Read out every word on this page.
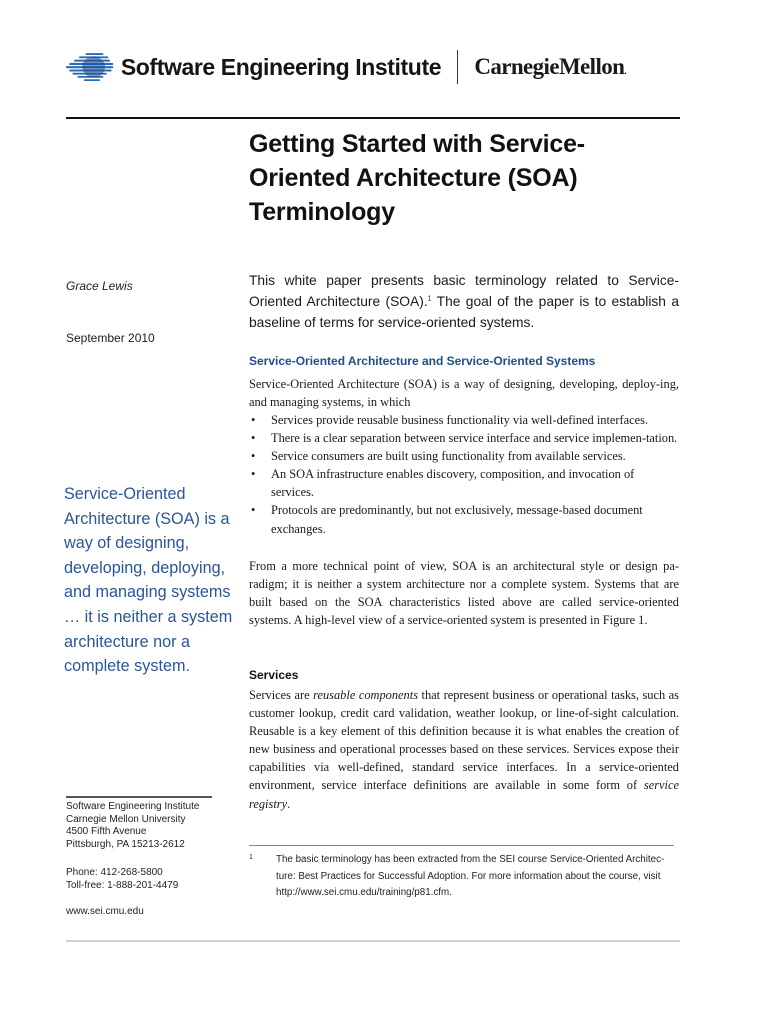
Software Engineering Institute CarnegieMellon.
Getting Started with Service-
Oriented Architecture (SOA)
Terminology
Grace Lewis
September 2010
Service-Oriented Architecture (SOA) is a way of designing, developing, deploying, and managing systems … it is neither a system architecture nor a complete system.
Software Engineering Institute
Carnegie Mellon University
4500 Fifth Avenue
Pittsburgh, PA 15213-2612
Phone: 412-268-5800
Toll-free: 1-888-201-4479
www.sei.cmu.edu

This white paper presents basic terminology related to Service-Oriented Architecture (SOA).$^1$ The goal of the paper is to establish a baseline of terms for service-oriented systems.

Service-Oriented Architecture and Service-Oriented Systems

Service-Oriented Architecture (SOA) is a way of designing, developing, deploy-ing, and managing systems, in which

• Services provide reusable business functionality via well-defined interfaces.
• There is a clear separation between service interface and service implemen-tation.
• Service consumers are built using functionality from available services.
• An SOA infrastructure enables discovery, composition, and invocation of services.
• Protocols are predominantly, but not exclusively, message-based document exchanges.

From a more technical point of view, SOA is an architectural style or design pa-radigm; it is neither a system architecture nor a complete system. Systems that are built based on the SOA characteristics listed above are called service-oriented systems. A high-level view of a service-oriented system is presented in Figure 1.

Services

Services are reusable components that represent business or operational tasks, such as customer lookup, credit card validation, weather lookup, or line-of-sight calculation. Reusable is a key element of this definition because it is what enables the creation of new business and operational processes based on these services. Services expose their capabilities via well-defined, standard service interfaces. In a service-oriented environment, service interface definitions are available in some form of service registry.

1	The basic terminology has been extracted from the SEI course Service-Oriented Architec-ture: Best Practices for Successful Adoption. For more information about the course, visit http://www.sei.cmu.edu/training/p81.cfm.
